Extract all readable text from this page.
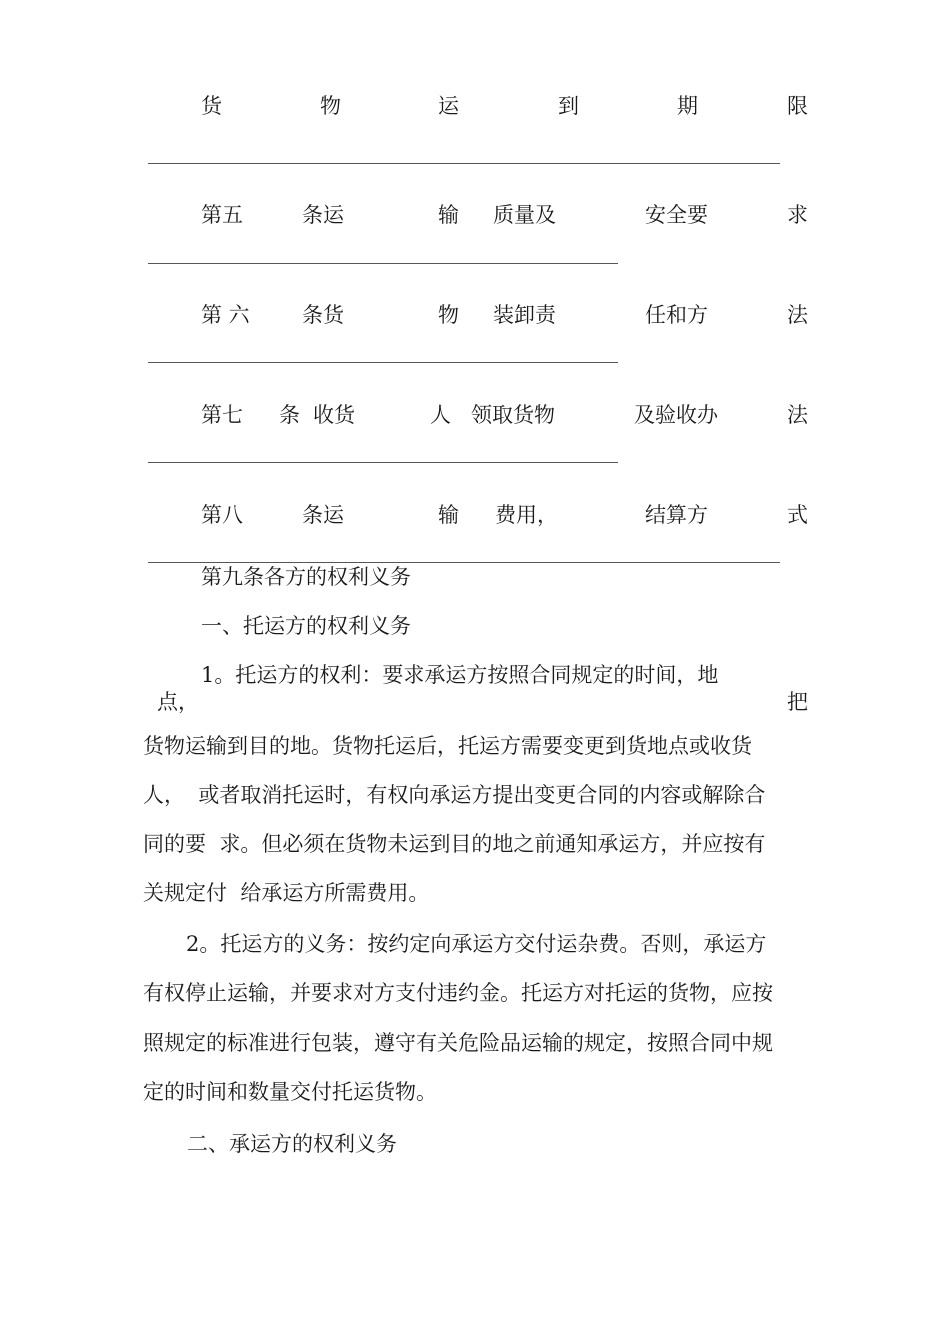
货	物	运	到	期	限
第五	条运	输 质量及	安全要	求
第 六 条货	物 装卸责	任和方	法
第七 条 收货	人 领取货物	及验收办	法
第八	条运	输 费用，	结算方	式
第九条各方的权利义务
一、托运方的权利义务
1。托运方的权利：要求承运方按照合同规定的时间，地
点，	把
货物运输到目的地。货物托运后，托运方需要变更到货地点或收货
人，  或者取消托运时，有权向承运方提出变更合同的内容或解除合
同的要  求。但必须在货物未运到目的地之前通知承运方，并应按有
关规定付  给承运方所需费用。
2。托运方的义务：按约定向承运方交付运杂费。否则，承运方
有权停止运输，并要求对方支付违约金。托运方对托运的货物，应按
照规定的标准进行包装，遵守有关危险品运输的规定，按照合同中规
定的时间和数量交付托运货物。
二、承运方的权利义务
